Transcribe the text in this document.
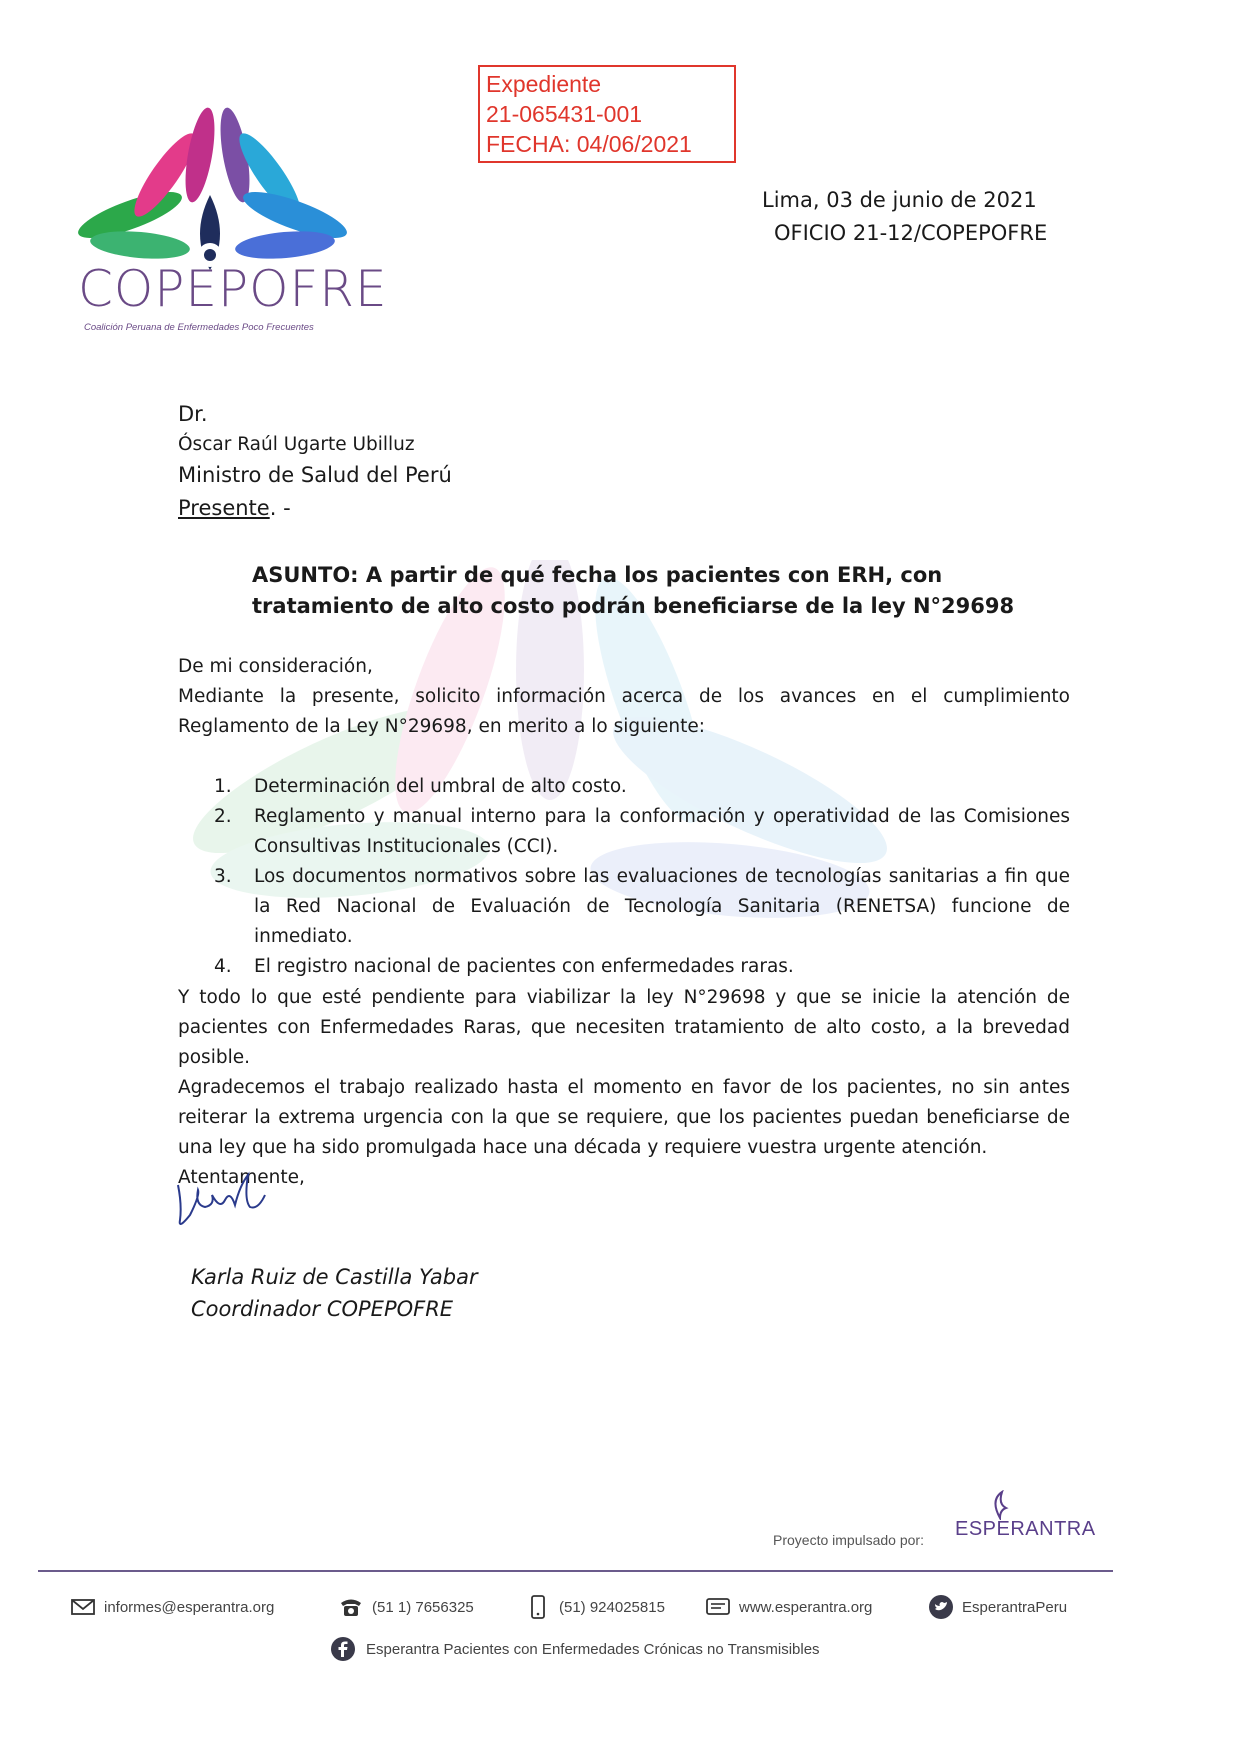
COPEPOFRE
Coalición Peruana de Enfermedades Poco Frecuentes
Expediente
21-065431-001
FECHA: 04/06/2021
Lima, 03 de junio de 2021
OFICIO 21-12/COPEPOFRE
Dr.
Óscar Raúl Ugarte Ubilluz
Ministro de Salud del Perú
Presente. -
ASUNTO: A partir de qué fecha los pacientes con ERH, con tratamiento de alto costo podrán beneficiarse de la ley N°29698

De mi consideración,

Mediante la presente, solicito información acerca de los avances en el cumplimiento Reglamento de la Ley N°29698, en merito a lo siguiente:

1.	Determinación del umbral de alto costo.
2.	Reglamento y manual interno para la conformación y operatividad de las Comisiones Consultivas Institucionales (CCI).
3.	Los documentos normativos sobre las evaluaciones de tecnologías sanitarias a fin que la Red Nacional de Evaluación de Tecnología Sanitaria (RENETSA) funcione de inmediato.
4.	El registro nacional de pacientes con enfermedades raras.

Y todo lo que esté pendiente para viabilizar la ley N°29698 y que se inicie la atención de pacientes con Enfermedades Raras, que necesiten tratamiento de alto costo, a la brevedad posible.

Agradecemos el trabajo realizado hasta el momento en favor de los pacientes, no sin antes reiterar la extrema urgencia con la que se requiere, que los pacientes puedan beneficiarse de una ley que ha sido promulgada hace una década y requiere vuestra urgente atención.

Atentamente,

Karla Ruiz de Castilla Yabar
Coordinador COPEPOFRE
Proyecto impulsado por: ESPERANTRA
informes@esperantra.org	(51 1) 7656325	(51) 924025815	www.esperantra.org	EsperantraPeru
Esperantra Pacientes con Enfermedades Crónicas no Transmisibles
